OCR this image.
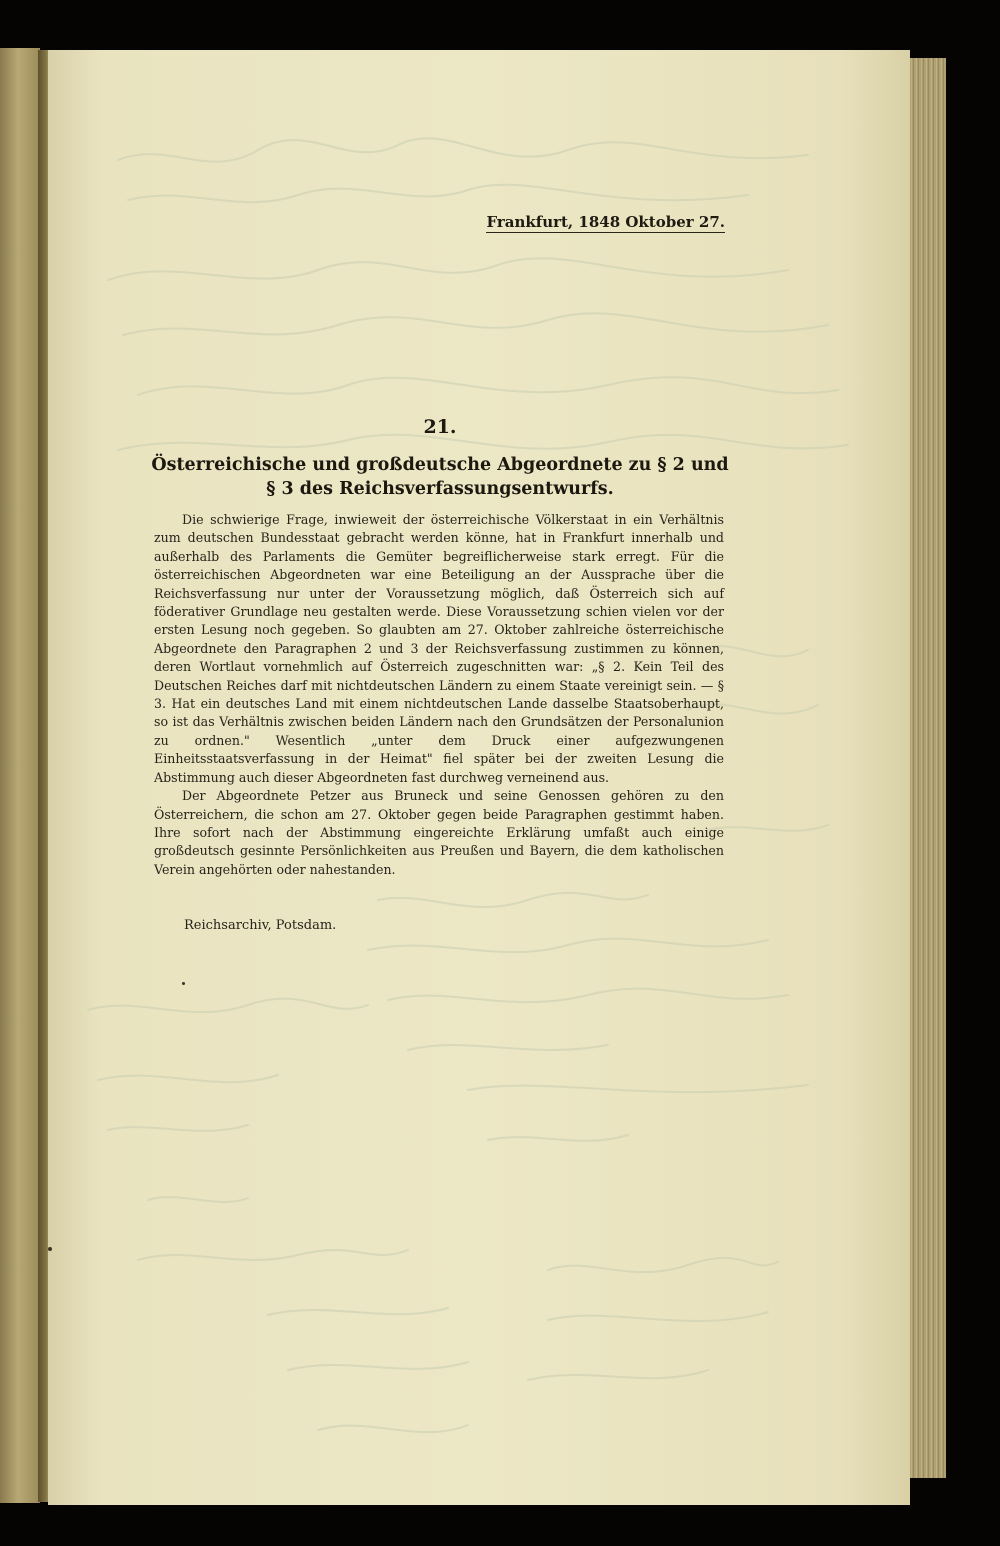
Frankfurt, 1848 Oktober 27.
21.
Österreichische und großdeutsche Abgeordnete zu § 2 und § 3 des Reichsverfassungsentwurfs.

Die schwierige Frage, inwieweit der österreichische Völkerstaat in ein Verhältnis zum deutschen Bundesstaat gebracht werden könne, hat in Frankfurt innerhalb und außerhalb des Parlaments die Gemüter begreiflicherweise stark erregt. Für die österreichischen Abgeordneten war eine Beteiligung an der Aussprache über die Reichsverfassung nur unter der Voraussetzung möglich, daß Österreich sich auf föderativer Grundlage neu gestalten werde. Diese Voraussetzung schien vielen vor der ersten Lesung noch gegeben. So glaubten am 27. Oktober zahlreiche österreichische Abgeordnete den Paragraphen 2 und 3 der Reichsverfassung zustimmen zu können, deren Wortlaut vornehmlich auf Österreich zugeschnitten war: „§ 2. Kein Teil des Deutschen Reiches darf mit nichtdeutschen Ländern zu einem Staate vereinigt sein. — § 3. Hat ein deutsches Land mit einem nichtdeutschen Lande dasselbe Staatsoberhaupt, so ist das Verhältnis zwischen beiden Ländern nach den Grundsätzen der Personalunion zu ordnen." Wesentlich „unter dem Druck einer aufgezwungenen Einheitsstaatsverfassung in der Heimat" fiel später bei der zweiten Lesung die Abstimmung auch dieser Abgeordneten fast durchweg verneinend aus.

Der Abgeordnete Petzer aus Bruneck und seine Genossen gehören zu den Österreichern, die schon am 27. Oktober gegen beide Paragraphen gestimmt haben. Ihre sofort nach der Abstimmung eingereichte Erklärung umfaßt auch einige großdeutsch gesinnte Persönlichkeiten aus Preußen und Bayern, die dem katholischen Verein angehörten oder nahestanden.

Reichsarchiv, Potsdam.
